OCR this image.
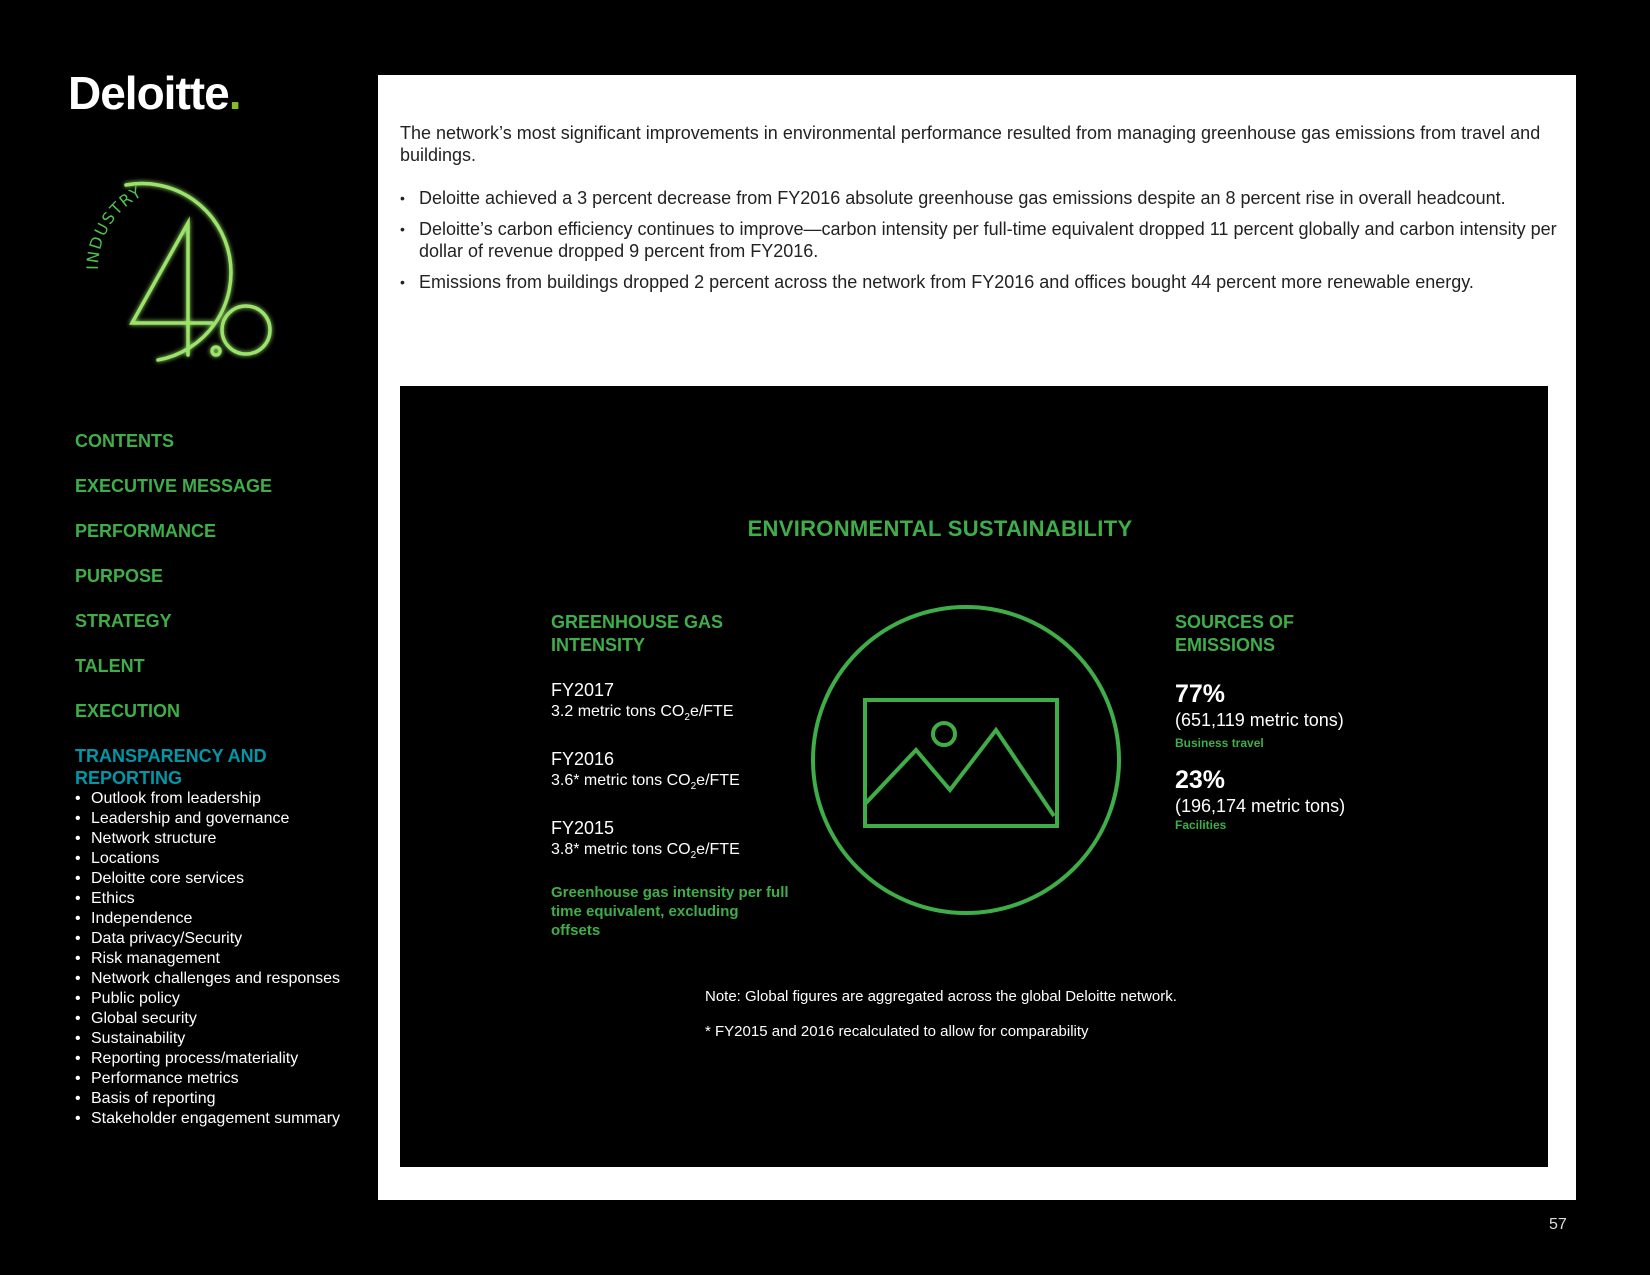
Deloitte.
INDUSTRY
CONTENTS
EXECUTIVE MESSAGE
PERFORMANCE
PURPOSE
STRATEGY
TALENT
EXECUTION
TRANSPARENCY AND REPORTING
• Outlook from leadership
• Leadership and governance
• Network structure
• Locations
• Deloitte core services
• Ethics
• Independence
• Data privacy/Security
• Risk management
• Network challenges and responses
• Public policy
• Global security
• Sustainability
• Reporting process/materiality
• Performance metrics
• Basis of reporting
• Stakeholder engagement summary

The network’s most significant improvements in environmental performance resulted from managing greenhouse gas emissions from travel and buildings.

• Deloitte achieved a 3 percent decrease from FY2016 absolute greenhouse gas emissions despite an 8 percent rise in overall headcount.
• Deloitte’s carbon efficiency continues to improve—carbon intensity per full-time equivalent dropped 11 percent globally and carbon intensity per dollar of revenue dropped 9 percent from FY2016.
• Emissions from buildings dropped 2 percent across the network from FY2016 and offices bought 44 percent more renewable energy.
ENVIRONMENTAL SUSTAINABILITY
GREENHOUSE GAS
INTENSITY
FY2017
3.2 metric tons $CO_2e$/FTE
FY2016
3.6* metric tons $CO_2e$/FTE
FY2015
3.8* metric tons $CO_2e$/FTE
Greenhouse gas intensity per full time equivalent, excluding offsets
SOURCES OF
EMISSIONS
77%
(651,119 metric tons)
Business travel
23%
(196,174 metric tons)
Facilities

Note: Global figures are aggregated across the global Deloitte network.

* FY2015 and 2016 recalculated to allow for comparability

57
